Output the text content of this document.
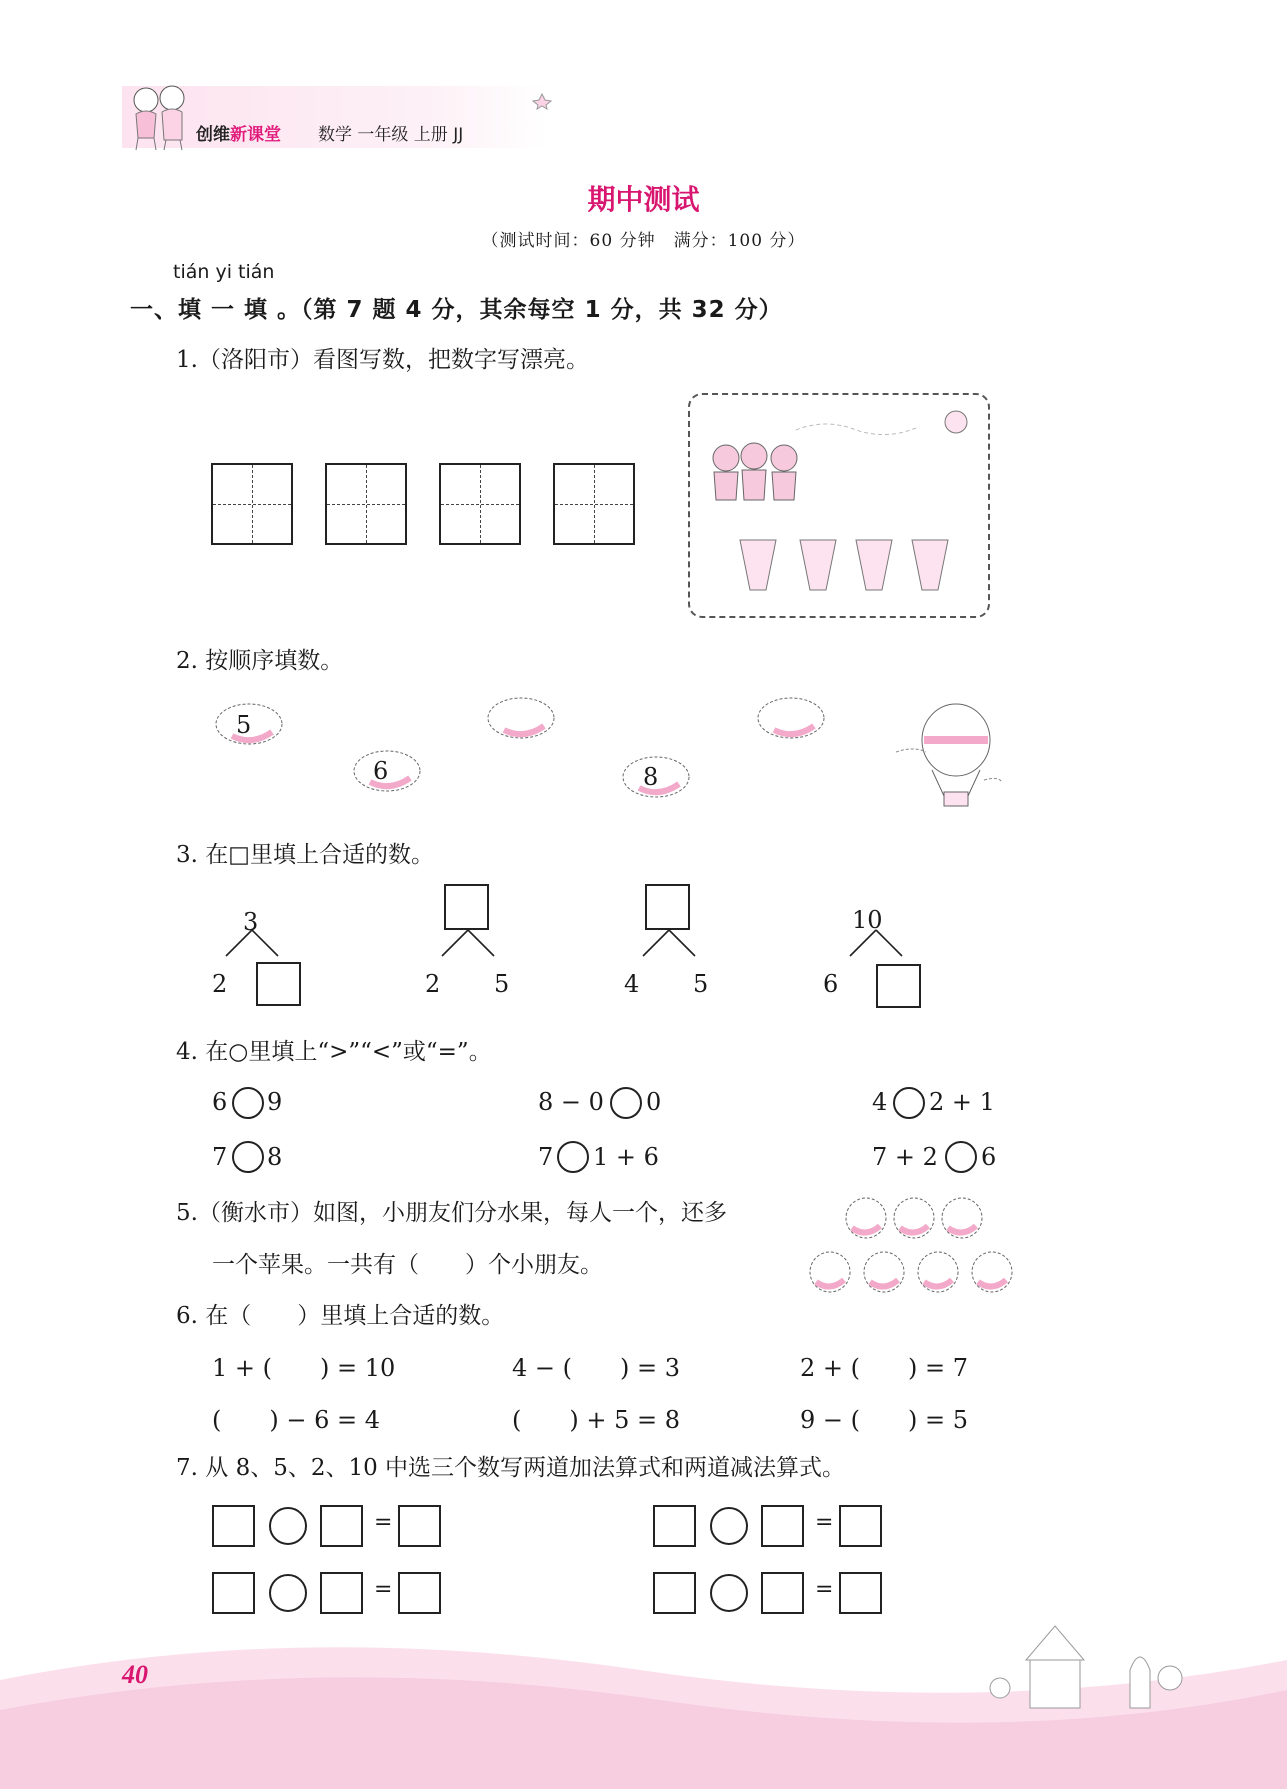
创维新课堂 数学 一年级 上册 JJ
期中测试
（测试时间：60 分钟　满分：100 分）
tián yi tián
一、填 一 填 。（第 7 题 4 分，其余每空 1 分，共 32 分）
1.（洛阳市）看图写数，把数字写漂亮。
2. 按顺序填数。
5
6	8
3. 在□里填上合适的数。
3
2	2 5	4 5
10
6
4. 在○里填上“>”“<”或“=”。
6 9	8 − 0 0	4 2 + 1
7 8	7 1 + 6	7 + 2 6
5.（衡水市）如图，小朋友们分水果，每人一个，还多
一个苹果。一共有（　　）个小朋友。
6. 在（　　）里填上合适的数。
1 + (　　) = 10	4 − (　　) = 3	2 + (　　) = 7
(　　) − 6 = 4	(　　) + 5 = 8	9 − (　　) = 5
7. 从 8、5、2、10 中选三个数写两道加法算式和两道减法算式。
=	=
=	=
40
